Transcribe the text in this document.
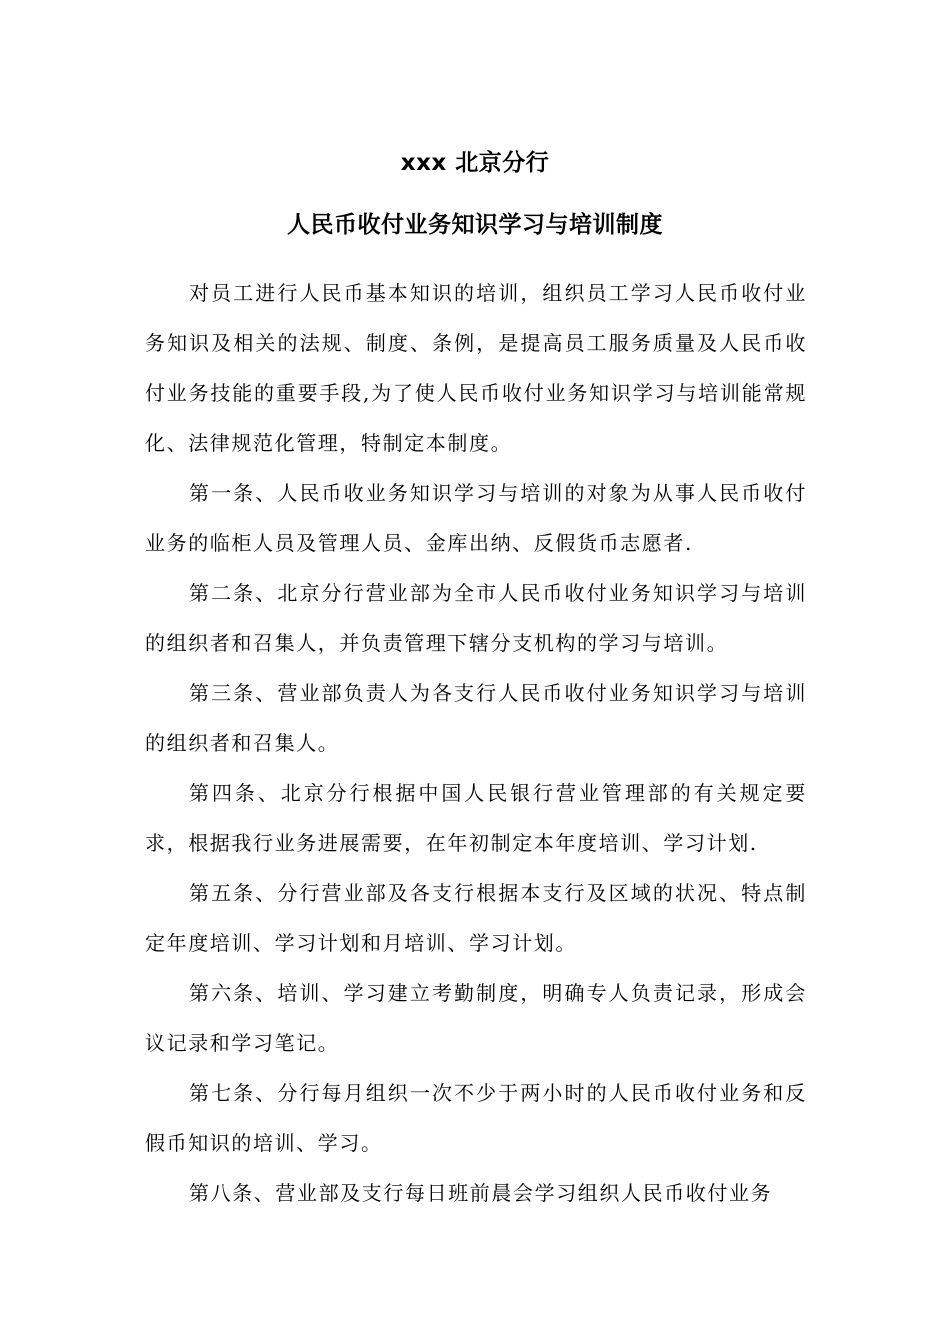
xxx 北京分行
人民币收付业务知识学习与培训制度

对员工进行人民币基本知识的培训，组织员工学习人民币收付业务知识及相关的法规、制度、条例，是提高员工服务质量及人民币收付业务技能的重要手段,为了使人民币收付业务知识学习与培训能常规化、法律规范化管理，特制定本制度。

第一条、人民币收业务知识学习与培训的对象为从事人民币收付业务的临柜人员及管理人员、金库出纳、反假货币志愿者.

第二条、北京分行营业部为全市人民币收付业务知识学习与培训的组织者和召集人，并负责管理下辖分支机构的学习与培训。

第三条、营业部负责人为各支行人民币收付业务知识学习与培训的组织者和召集人。

第四条、北京分行根据中国人民银行营业管理部的有关规定要求，根据我行业务进展需要，在年初制定本年度培训、学习计划.

第五条、分行营业部及各支行根据本支行及区域的状况、特点制定年度培训、学习计划和月培训、学习计划。

第六条、培训、学习建立考勤制度，明确专人负责记录，形成会议记录和学习笔记。

第七条、分行每月组织一次不少于两小时的人民币收付业务和反假币知识的培训、学习。

第八条、营业部及支行每日班前晨会学习组织人民币收付业务
